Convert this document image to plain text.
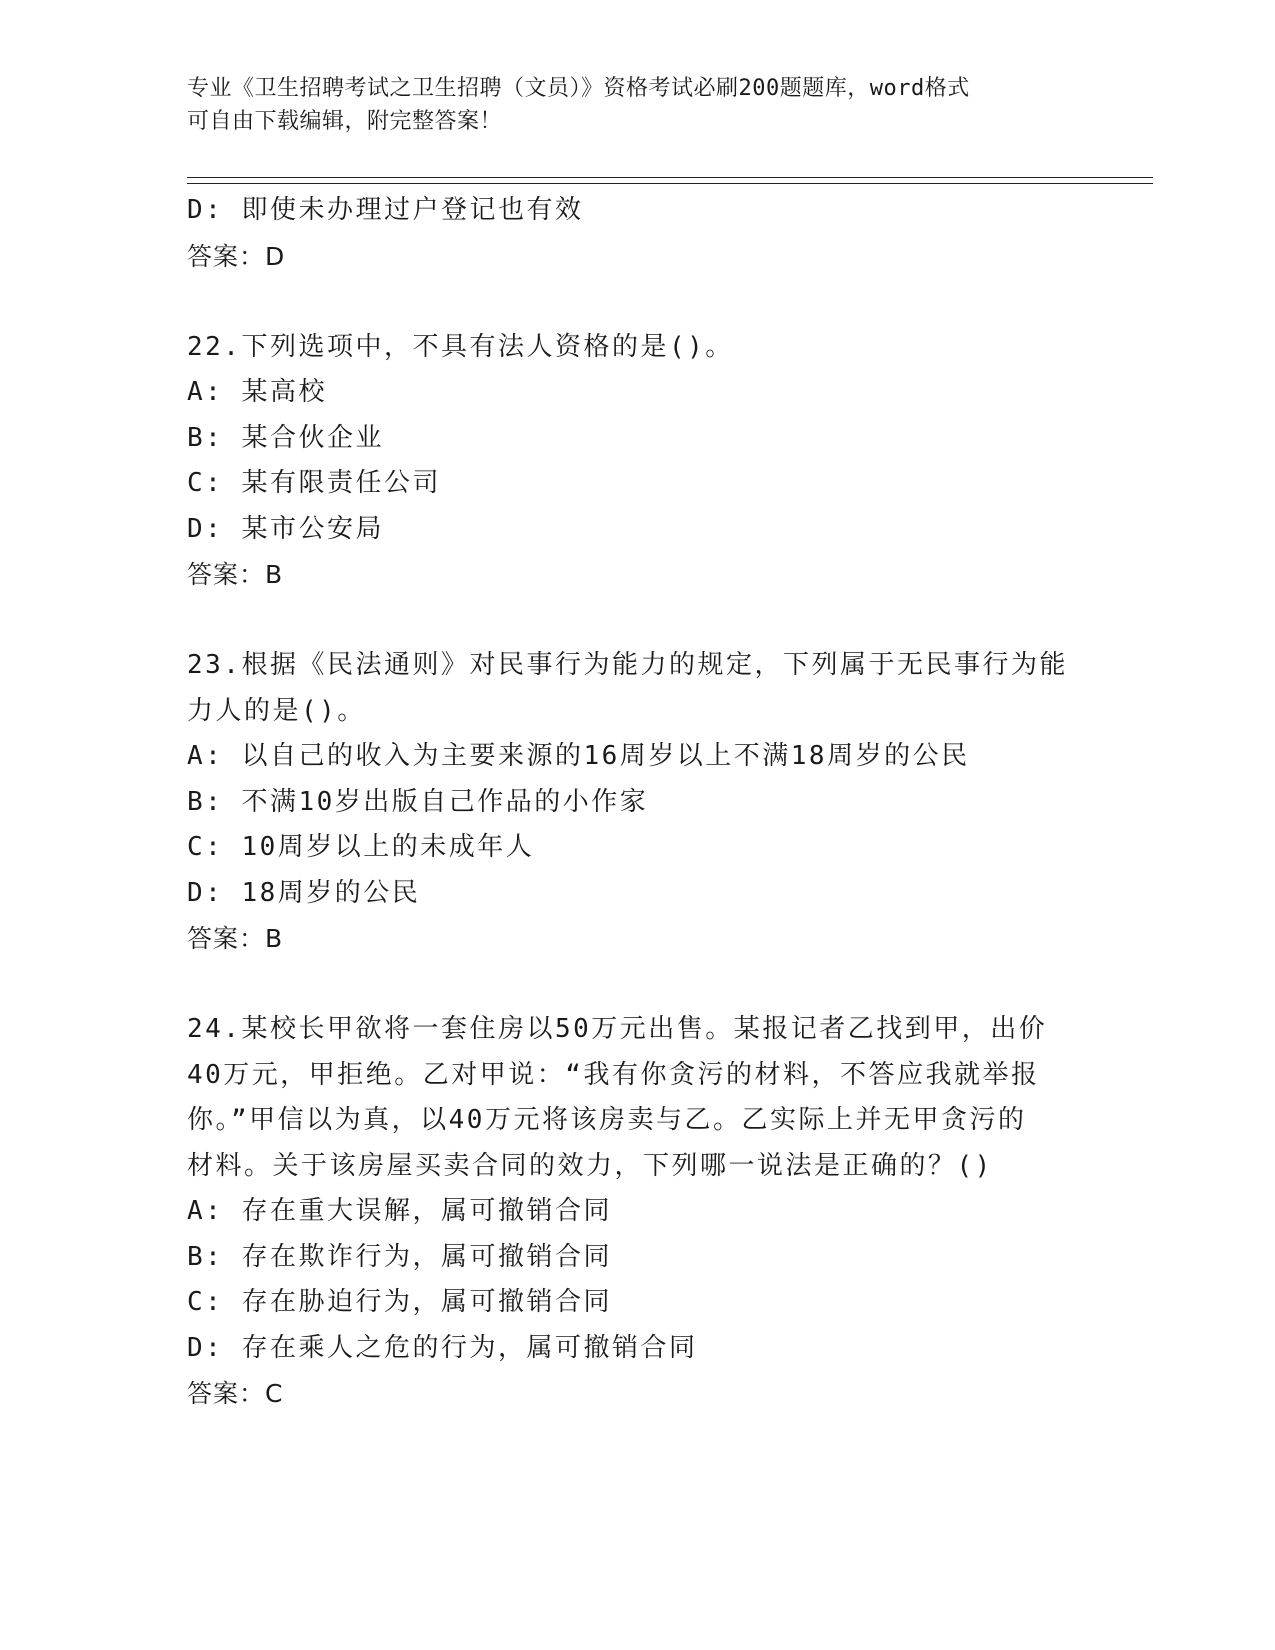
专业《卫生招聘考试之卫生招聘（文员）》资格考试必刷200题题库，word格式
可自由下载编辑，附完整答案！
D: 即使未办理过户登记也有效
答案：D
22.下列选项中，不具有法人资格的是()。
A: 某高校
B: 某合伙企业
C: 某有限责任公司
D: 某市公安局
答案：B
23.根据《民法通则》对民事行为能力的规定，下列属于无民事行为能
力人的是()。
A: 以自己的收入为主要来源的16周岁以上不满18周岁的公民
B: 不满10岁出版自己作品的小作家
C: 10周岁以上的未成年人
D: 18周岁的公民
答案：B
24.某校长甲欲将一套住房以50万元出售。某报记者乙找到甲，出价
40万元，甲拒绝。乙对甲说：“我有你贪污的材料，不答应我就举报
你。”甲信以为真，以40万元将该房卖与乙。乙实际上并无甲贪污的
材料。关于该房屋买卖合同的效力，下列哪一说法是正确的？()
A: 存在重大误解，属可撤销合同
B: 存在欺诈行为，属可撤销合同
C: 存在胁迫行为，属可撤销合同
D: 存在乘人之危的行为，属可撤销合同
答案：C
